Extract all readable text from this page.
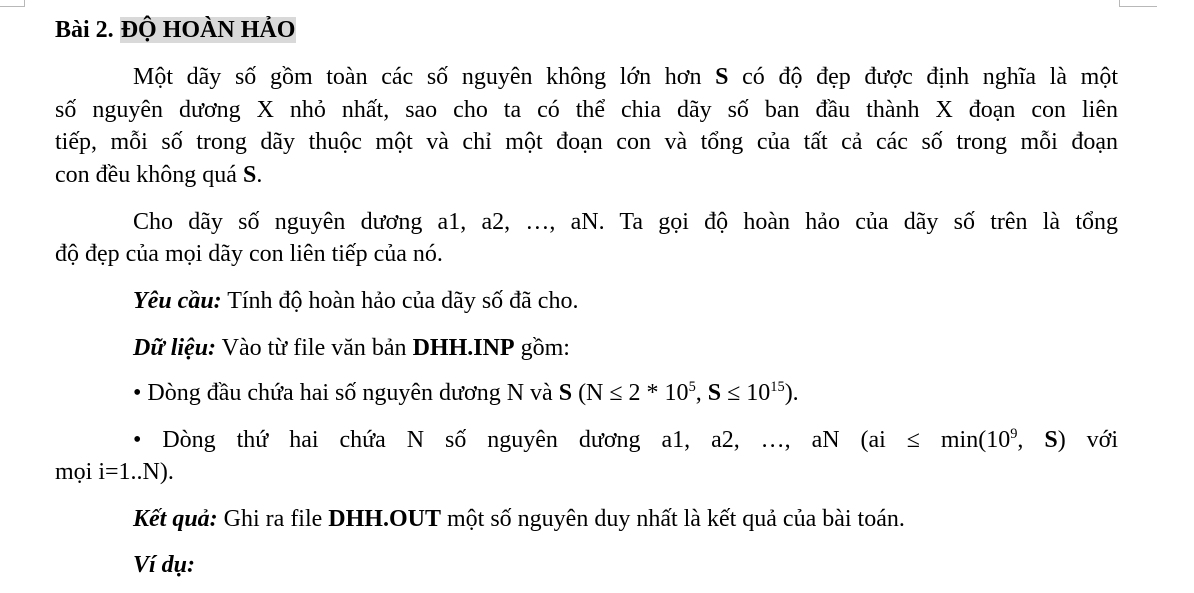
Bài 2. ĐỘ HOÀN HẢO
Một dãy số gồm toàn các số nguyên không lớn hơn S có độ đẹp được định nghĩa là một
số nguyên dương X nhỏ nhất, sao cho ta có thể chia dãy số ban đầu thành X đoạn con liên
tiếp, mỗi số trong dãy thuộc một và chỉ một đoạn con và tổng của tất cả các số trong mỗi đoạn
con đều không quá S.
Cho dãy số nguyên dương a1, a2, …, aN. Ta gọi độ hoàn hảo của dãy số trên là tổng
độ đẹp của mọi dãy con liên tiếp của nó.
Yêu cầu: Tính độ hoàn hảo của dãy số đã cho.
Dữ liệu: Vào từ file văn bản DHH.INP gồm:
• Dòng đầu chứa hai số nguyên dương N và S ($N \le 2 * 10^5$, $S \le 10^{15}$).
• Dòng thứ hai chứa N số nguyên dương a1, a2, …, aN ($ai \le \min(10^9$, S) với
mọi i=1..N).
Kết quả: Ghi ra file DHH.OUT một số nguyên duy nhất là kết quả của bài toán.
Ví dụ:
